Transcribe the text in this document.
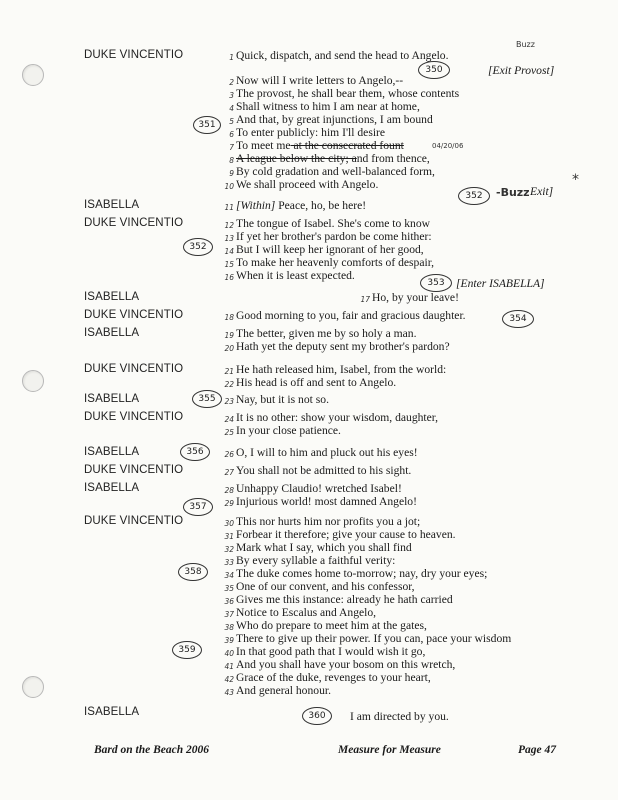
DUKE VINCENTIO
ISABELLA
DUKE VINCENTIO
ISABELLA
DUKE VINCENTIO
ISABELLA
DUKE VINCENTIO
ISABELLA
DUKE VINCENTIO
ISABELLA
DUKE VINCENTIO
ISABELLA
DUKE VINCENTIO
ISABELLA
1 Quick, dispatch, and send the head to Angelo.
2 Now will I write letters to Angelo,--
3 The provost, he shall bear them, whose contents
4 Shall witness to him I am near at home,
5 And that, by great injunctions, I am bound
6 To enter publicly: him I'll desire
7 To meet me at the consecrated fount
8 A league below the city; and from thence,
9 By cold gradation and well-balanced form,
10 We shall proceed with Angelo.
11 [Within] Peace, ho, be here!
12 The tongue of Isabel. She's come to know
13 If yet her brother's pardon be come hither:
14 But I will keep her ignorant of her good,
15 To make her heavenly comforts of despair,
16 When it is least expected.
17 Ho, by your leave!
18 Good morning to you, fair and gracious daughter.
19 The better, given me by so holy a man.
20 Hath yet the deputy sent my brother's pardon?
21 He hath released him, Isabel, from the world:
22 His head is off and sent to Angelo.
23 Nay, but it is not so.
24 It is no other: show your wisdom, daughter,
25 In your close patience.
26 O, I will to him and pluck out his eyes!
27 You shall not be admitted to his sight.
28 Unhappy Claudio! wretched Isabel!
29 Injurious world! most damned Angelo!
30 This nor hurts him nor profits you a jot;
31 Forbear it therefore; give your cause to heaven.
32 Mark what I say, which you shall find
33 By every syllable a faithful verity:
34 The duke comes home to-morrow; nay, dry your eyes;
35 One of our convent, and his confessor,
36 Gives me this instance: already he hath carried
37 Notice to Escalus and Angelo,
38 Who do prepare to meet him at the gates,
39 There to give up their power. If you can, pace your wisdom
40 In that good path that I would wish it go,
41 And you shall have your bosom on this wretch,
42 Grace of the duke, revenges to your heart,
43 And general honour.
I am directed by you.
[Exit Provost]
Exit]
[Enter ISABELLA]
350
351
352
352
353
354
355
356
357
358
359
360
Buzz
-Buzz
04/20/06
*
Bard on the Beach 2006	Measure for Measure	Page 47
